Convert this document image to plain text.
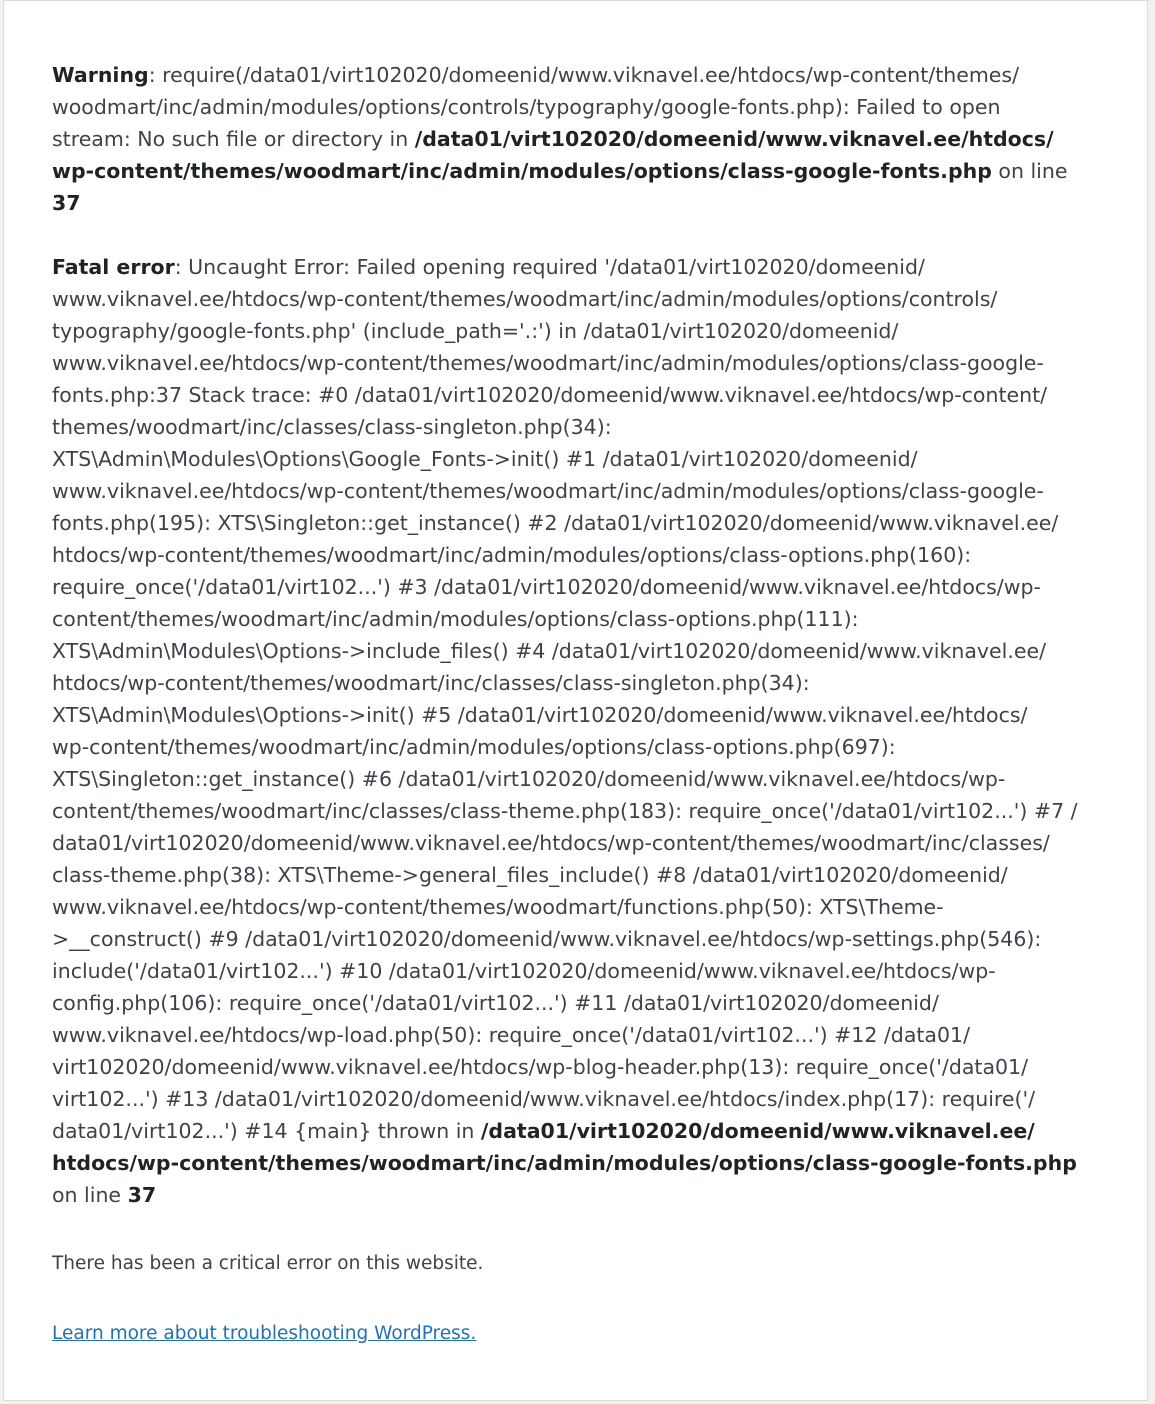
Warning: require(/data01/virt102020/domeenid/www.viknavel.ee/htdocs/wp-content/themes/
woodmart/inc/admin/modules/options/controls/typography/google-fonts.php): Failed to open
stream: No such file or directory in /data01/virt102020/domeenid/www.viknavel.ee/htdocs/
wp-content/themes/woodmart/inc/admin/modules/options/class-google-fonts.php on line
37
Fatal error: Uncaught Error: Failed opening required '/data01/virt102020/domeenid/
www.viknavel.ee/htdocs/wp-content/themes/woodmart/inc/admin/modules/options/controls/
typography/google-fonts.php' (include_path='.:') in /data01/virt102020/domeenid/
www.viknavel.ee/htdocs/wp-content/themes/woodmart/inc/admin/modules/options/class-google-
fonts.php:37 Stack trace: #0 /data01/virt102020/domeenid/www.viknavel.ee/htdocs/wp-content/
themes/woodmart/inc/classes/class-singleton.php(34):
XTS\Admin\Modules\Options\Google_Fonts->init() #1 /data01/virt102020/domeenid/
www.viknavel.ee/htdocs/wp-content/themes/woodmart/inc/admin/modules/options/class-google-
fonts.php(195): XTS\Singleton::get_instance() #2 /data01/virt102020/domeenid/www.viknavel.ee/
htdocs/wp-content/themes/woodmart/inc/admin/modules/options/class-options.php(160):
require_once('/data01/virt102...') #3 /data01/virt102020/domeenid/www.viknavel.ee/htdocs/wp-
content/themes/woodmart/inc/admin/modules/options/class-options.php(111):
XTS\Admin\Modules\Options->include_files() #4 /data01/virt102020/domeenid/www.viknavel.ee/
htdocs/wp-content/themes/woodmart/inc/classes/class-singleton.php(34):
XTS\Admin\Modules\Options->init() #5 /data01/virt102020/domeenid/www.viknavel.ee/htdocs/
wp-content/themes/woodmart/inc/admin/modules/options/class-options.php(697):
XTS\Singleton::get_instance() #6 /data01/virt102020/domeenid/www.viknavel.ee/htdocs/wp-
content/themes/woodmart/inc/classes/class-theme.php(183): require_once('/data01/virt102...') #7 /
data01/virt102020/domeenid/www.viknavel.ee/htdocs/wp-content/themes/woodmart/inc/classes/
class-theme.php(38): XTS\Theme->general_files_include() #8 /data01/virt102020/domeenid/
www.viknavel.ee/htdocs/wp-content/themes/woodmart/functions.php(50): XTS\Theme-
>__construct() #9 /data01/virt102020/domeenid/www.viknavel.ee/htdocs/wp-settings.php(546):
include('/data01/virt102...') #10 /data01/virt102020/domeenid/www.viknavel.ee/htdocs/wp-
config.php(106): require_once('/data01/virt102...') #11 /data01/virt102020/domeenid/
www.viknavel.ee/htdocs/wp-load.php(50): require_once('/data01/virt102...') #12 /data01/
virt102020/domeenid/www.viknavel.ee/htdocs/wp-blog-header.php(13): require_once('/data01/
virt102...') #13 /data01/virt102020/domeenid/www.viknavel.ee/htdocs/index.php(17): require('/
data01/virt102...') #14 {main} thrown in /data01/virt102020/domeenid/www.viknavel.ee/
htdocs/wp-content/themes/woodmart/inc/admin/modules/options/class-google-fonts.php
on line 37

There has been a critical error on this website.

Learn more about troubleshooting WordPress.
